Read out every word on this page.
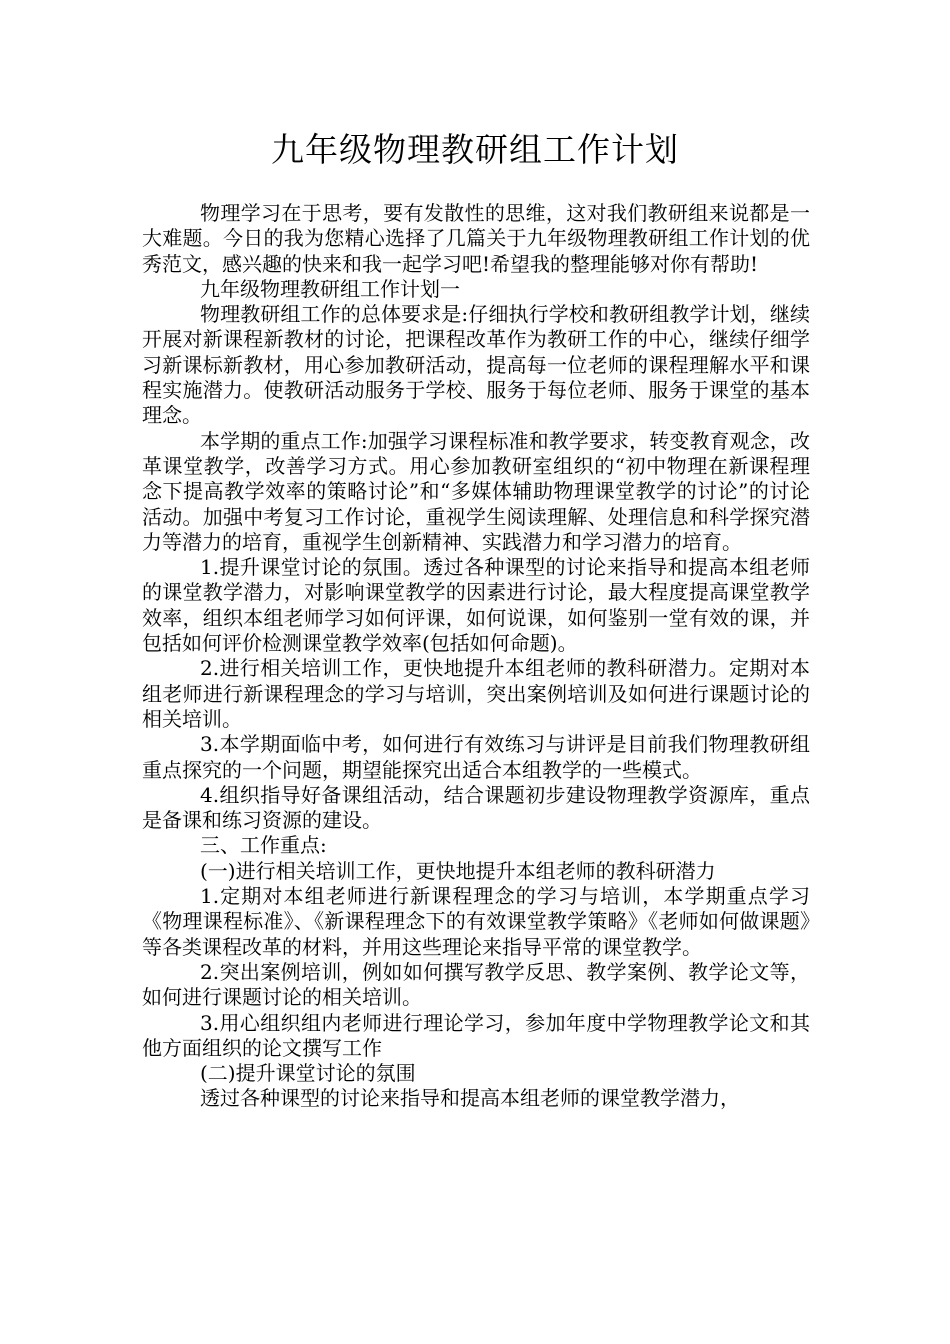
九年级物理教研组工作计划

物理学习在于思考，要有发散性的思维，这对我们教研组来说都是一大难题。今日的我为您精心选择了几篇关于九年级物理教研组工作计划的优秀范文，感兴趣的快来和我一起学习吧!希望我的整理能够对你有帮助!

九年级物理教研组工作计划一

物理教研组工作的总体要求是:仔细执行学校和教研组教学计划，继续开展对新课程新教材的讨论，把课程改革作为教研工作的中心，继续仔细学习新课标新教材，用心参加教研活动，提高每一位老师的课程理解水平和课程实施潜力。使教研活动服务于学校、服务于每位老师、服务于课堂的基本理念。

本学期的重点工作:加强学习课程标准和教学要求，转变教育观念，改革课堂教学，改善学习方式。用心参加教研室组织的“初中物理在新课程理念下提高教学效率的策略讨论”和“多媒体辅助物理课堂教学的讨论”的讨论活动。加强中考复习工作讨论，重视学生阅读理解、处理信息和科学探究潜力等潜力的培育，重视学生创新精神、实践潜力和学习潜力的培育。

1.提升课堂讨论的氛围。透过各种课型的讨论来指导和提高本组老师的课堂教学潜力，对影响课堂教学的因素进行讨论，最大程度提高课堂教学效率，组织本组老师学习如何评课，如何说课，如何鉴别一堂有效的课，并包括如何评价检测课堂教学效率(包括如何命题)。

2.进行相关培训工作，更快地提升本组老师的教科研潜力。定期对本组老师进行新课程理念的学习与培训，突出案例培训及如何进行课题讨论的相关培训。

3.本学期面临中考，如何进行有效练习与讲评是目前我们物理教研组重点探究的一个问题，期望能探究出适合本组教学的一些模式。

4.组织指导好备课组活动，结合课题初步建设物理教学资源库，重点是备课和练习资源的建设。

三、工作重点:

(一)进行相关培训工作，更快地提升本组老师的教科研潜力

1.定期对本组老师进行新课程理念的学习与培训，本学期重点学习《物理课程标准》、《新课程理念下的有效课堂教学策略》《老师如何做课题》等各类课程改革的材料，并用这些理论来指导平常的课堂教学。

2.突出案例培训，例如如何撰写教学反思、教学案例、教学论文等，如何进行课题讨论的相关培训。

3.用心组织组内老师进行理论学习，参加年度中学物理教学论文和其他方面组织的论文撰写工作

(二)提升课堂讨论的氛围

透过各种课型的讨论来指导和提高本组老师的课堂教学潜力，
